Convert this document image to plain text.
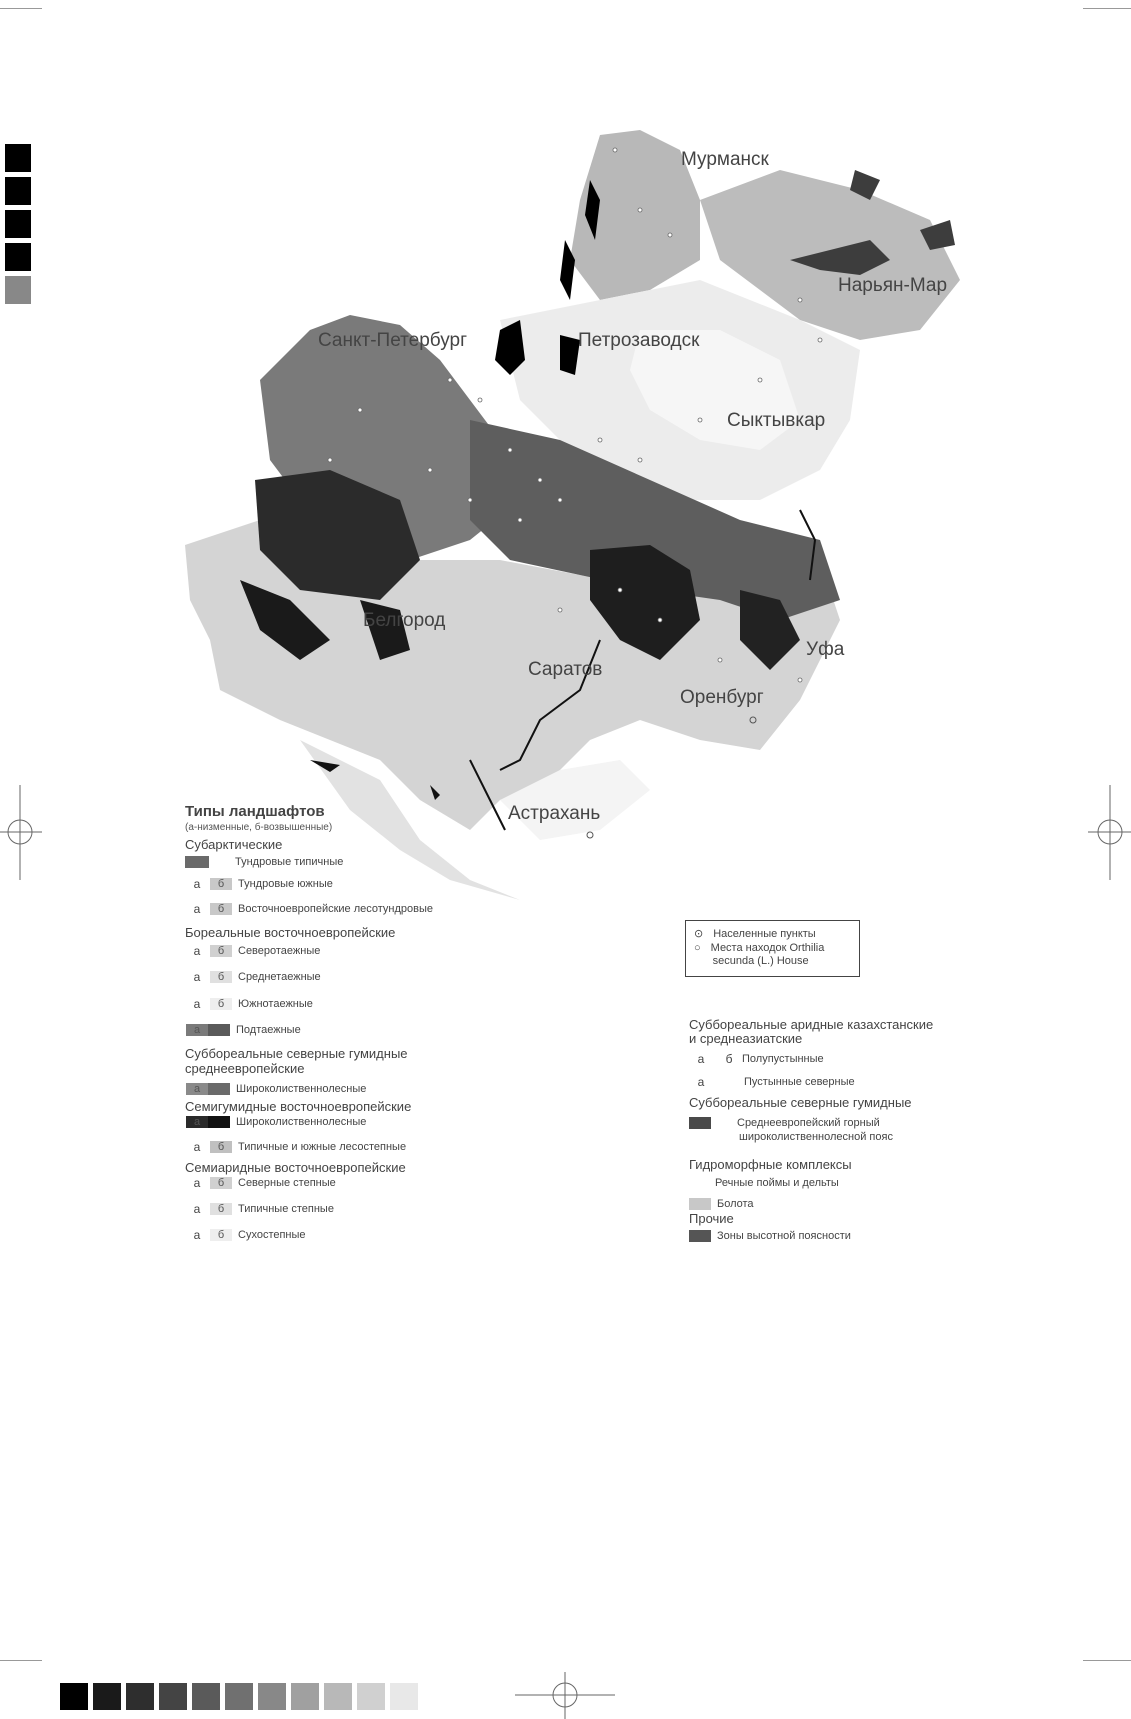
Мурманск
Нарьян-Мар
Санкт-Петербург	Петрозаводск
Сыктывкар
Белгород
Саратов
Уфа
Оренбург
Астрахань
Типы ландшафтов
(а-низменные, б-возвышенные)
Субарктические
Тундровые типичные
а	б	Тундровые южные
а	б	Восточноевропейские лесотундровые
Бореальные восточноевропейские
а	б	Северотаежные
а	б	Среднетаежные
а	б	Южнотаежные
а	Подтаежные
Суббореальные северные гумидные
среднеевропейские
а	Широколиственнолесные
Семигумидные восточноевропейские
а	Широколиственнолесные
а	б	Типичные и южные лесостепные
Семиаридные восточноевропейские
а	б	Северные степные
а	б	Типичные степные
а	б	Сухостепные
⊙ Населенные пункты
○ Места находок Orthilia
secunda (L.) House
Суббореальные аридные казахстанские
и среднеазиатские
а	б Полупустынные
а	Пустынные северные
Суббореальные северные гумидные
Среднеевропейский горный
широколиственнолесной пояс
Гидроморфные комплексы
Речные поймы и дельты
Болота
Прочие
Зоны высотной поясности
